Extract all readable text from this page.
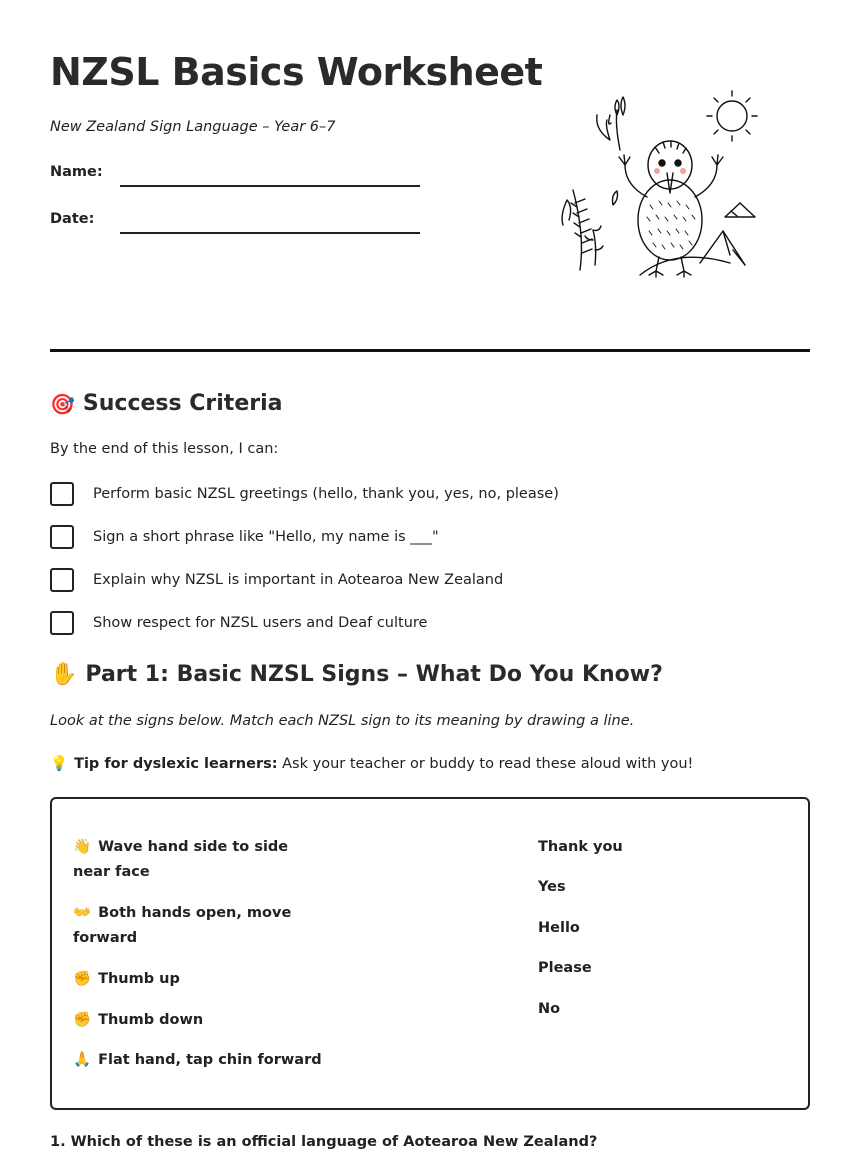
NZSL Basics Worksheet
New Zealand Sign Language – Year 6–7
Name:
Date:
🎯 Success Criteria
By the end of this lesson, I can:
Perform basic NZSL greetings (hello, thank you, yes, no, please)
Sign a short phrase like "Hello, my name is ___"
Explain why NZSL is important in Aotearoa New Zealand
Show respect for NZSL users and Deaf culture
✋ Part 1: Basic NZSL Signs – What Do You Know?
Look at the signs below. Match each NZSL sign to its meaning by drawing a line.
💡 Tip for dyslexic learners: Ask your teacher or buddy to read these aloud with you!
👋 Wave hand side to side near face
👐 Both hands open, move forward
✊ Thumb up
✊ Thumb down
🙏 Flat hand, tap chin forward
Thank you
Yes
Hello
Please
No
1. Which of these is an official language of Aotearoa New Zealand?
